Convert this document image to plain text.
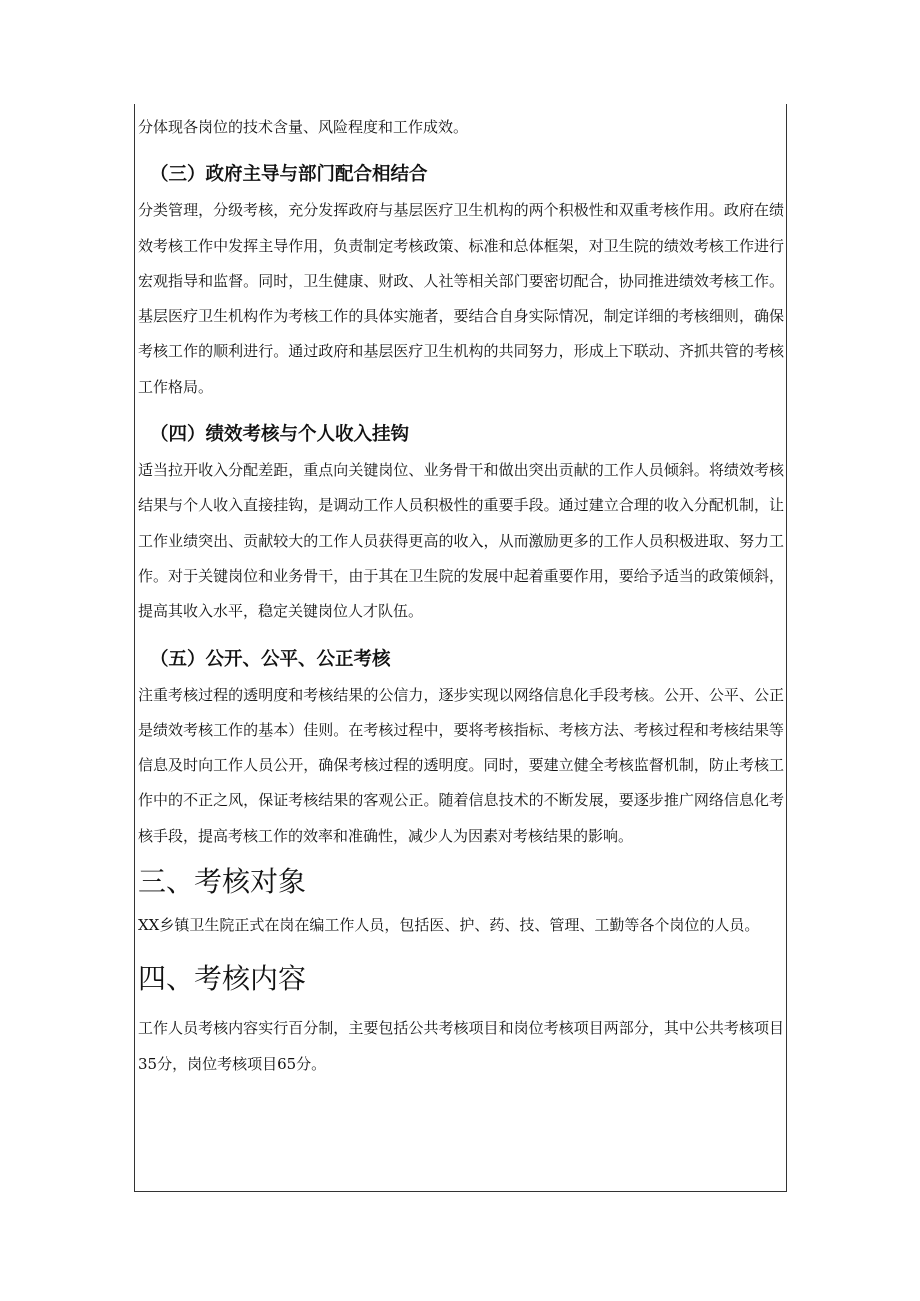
分体现各岗位的技术含量、风险程度和工作成效。

（三）政府主导与部门配合相结合

分类管理，分级考核，充分发挥政府与基层医疗卫生机构的两个积极性和双重考核作用。政府在绩效考核工作中发挥主导作用，负责制定考核政策、标准和总体框架，对卫生院的绩效考核工作进行宏观指导和监督。同时，卫生健康、财政、人社等相关部门要密切配合，协同推进绩效考核工作。基层医疗卫生机构作为考核工作的具体实施者，要结合自身实际情况，制定详细的考核细则，确保考核工作的顺利进行。通过政府和基层医疗卫生机构的共同努力，形成上下联动、齐抓共管的考核工作格局。

（四）绩效考核与个人收入挂钩

适当拉开收入分配差距，重点向关键岗位、业务骨干和做出突出贡献的工作人员倾斜。将绩效考核结果与个人收入直接挂钩，是调动工作人员积极性的重要手段。通过建立合理的收入分配机制，让工作业绩突出、贡献较大的工作人员获得更高的收入，从而激励更多的工作人员积极进取、努力工作。对于关键岗位和业务骨干，由于其在卫生院的发展中起着重要作用，要给予适当的政策倾斜，提高其收入水平，稳定关键岗位人才队伍。

（五）公开、公平、公正考核

注重考核过程的透明度和考核结果的公信力，逐步实现以网络信息化手段考核。公开、公平、公正是绩效考核工作的基本）佳则。在考核过程中，要将考核指标、考核方法、考核过程和考核结果等信息及时向工作人员公开，确保考核过程的透明度。同时，要建立健全考核监督机制，防止考核工作中的不正之风，保证考核结果的客观公正。随着信息技术的不断发展，要逐步推广网络信息化考核手段，提高考核工作的效率和准确性，减少人为因素对考核结果的影响。

三、考核对象

XX乡镇卫生院正式在岗在编工作人员，包括医、护、药、技、管理、工勤等各个岗位的人员。

四、考核内容

工作人员考核内容实行百分制，主要包括公共考核项目和岗位考核项目两部分，其中公共考核项目35分，岗位考核项目65分。
